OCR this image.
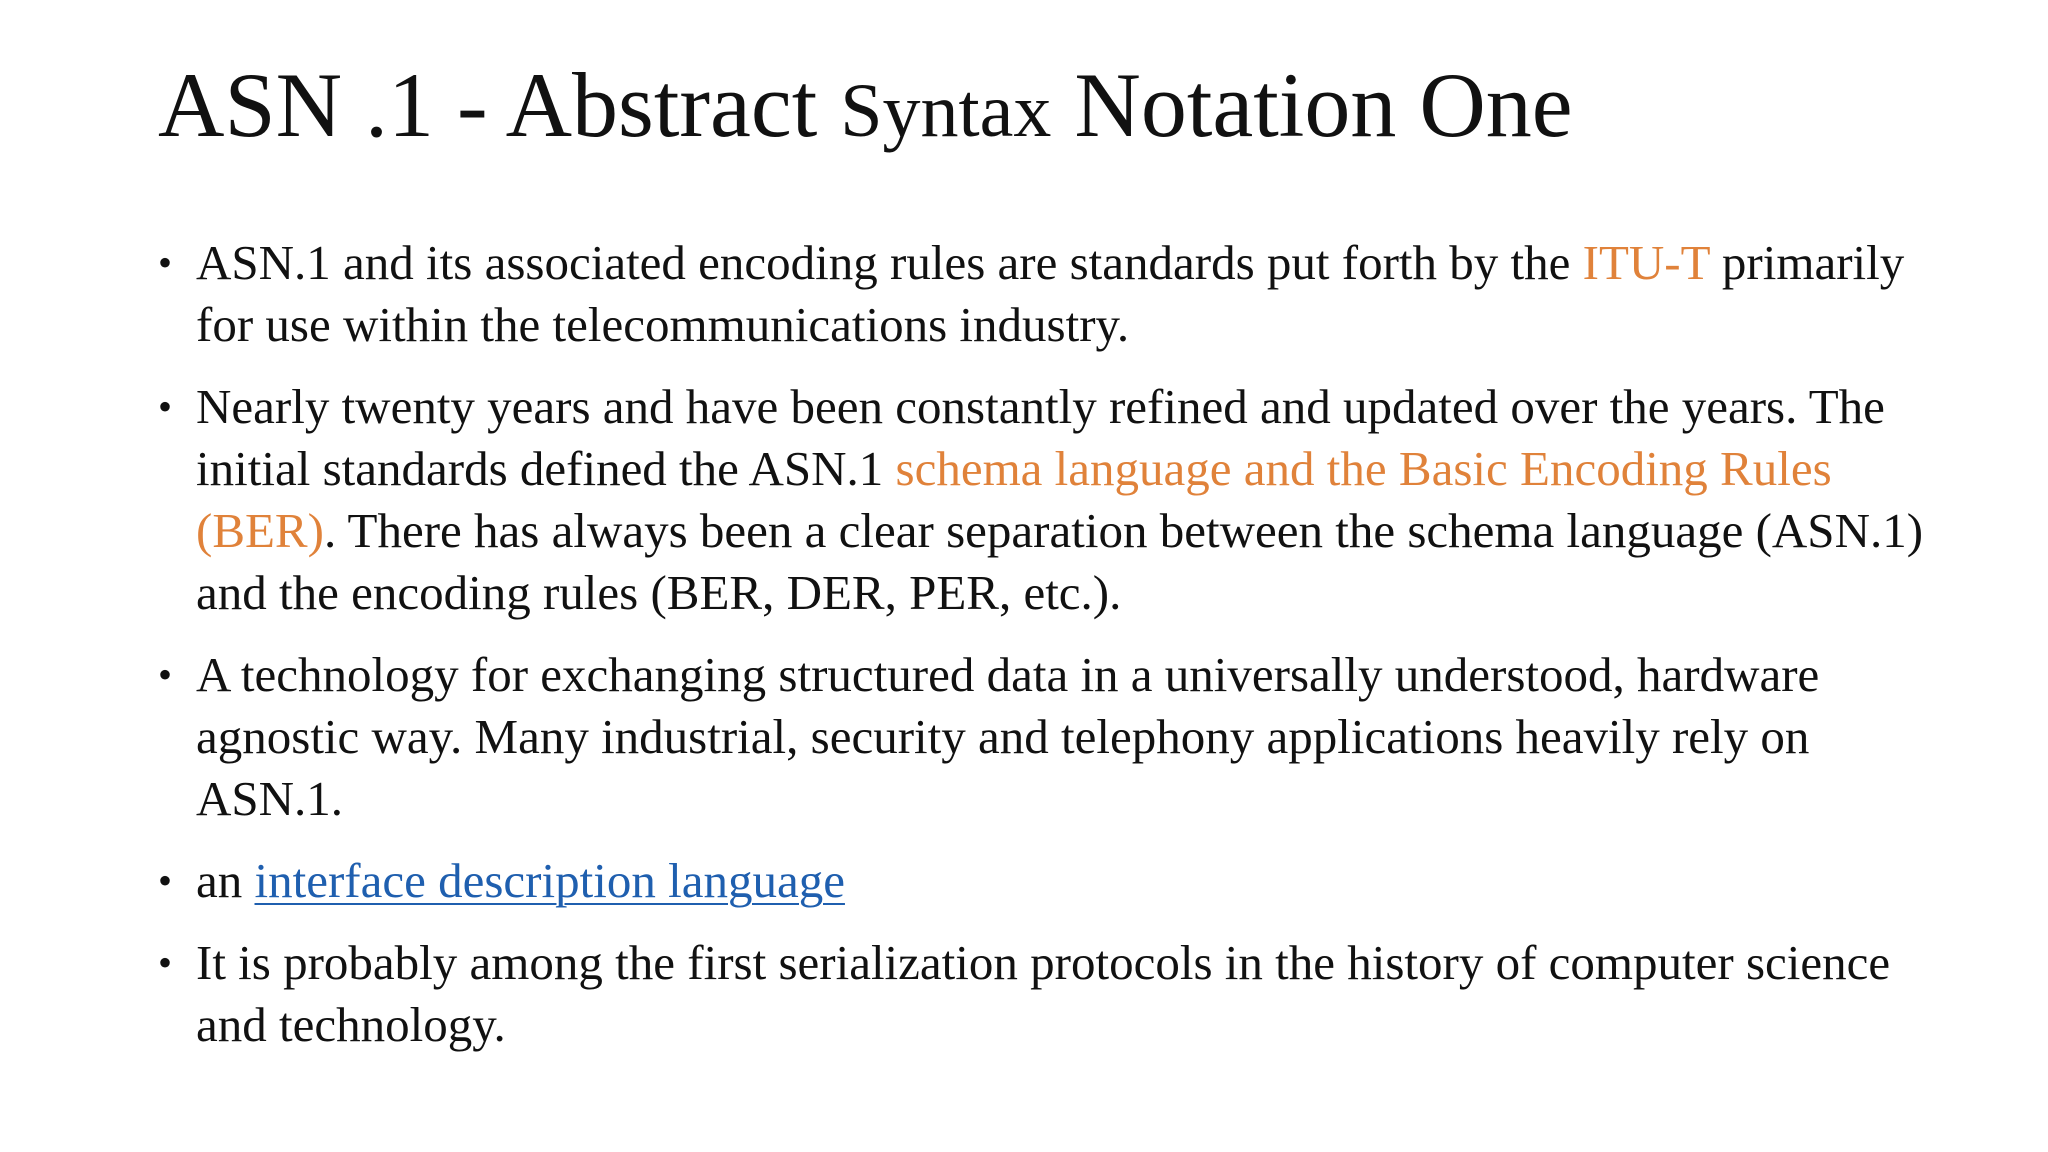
ASN .1 - Abstract Syntax Notation One
• ASN.1 and its associated encoding rules are standards put forth by the ITU-T primarily for use within the telecommunications industry.
• Nearly twenty years and have been constantly refined and updated over the years. The initial standards defined the ASN.1 schema language and the Basic Encoding Rules (BER). There has always been a clear separation between the schema language (ASN.1) and the encoding rules (BER, DER, PER, etc.).
• A technology for exchanging structured data in a universally understood, hardware agnostic way. Many industrial, security and telephony applications heavily rely on ASN.1.
• an interface description language
• It is probably among the first serialization protocols in the history of computer science and technology.
